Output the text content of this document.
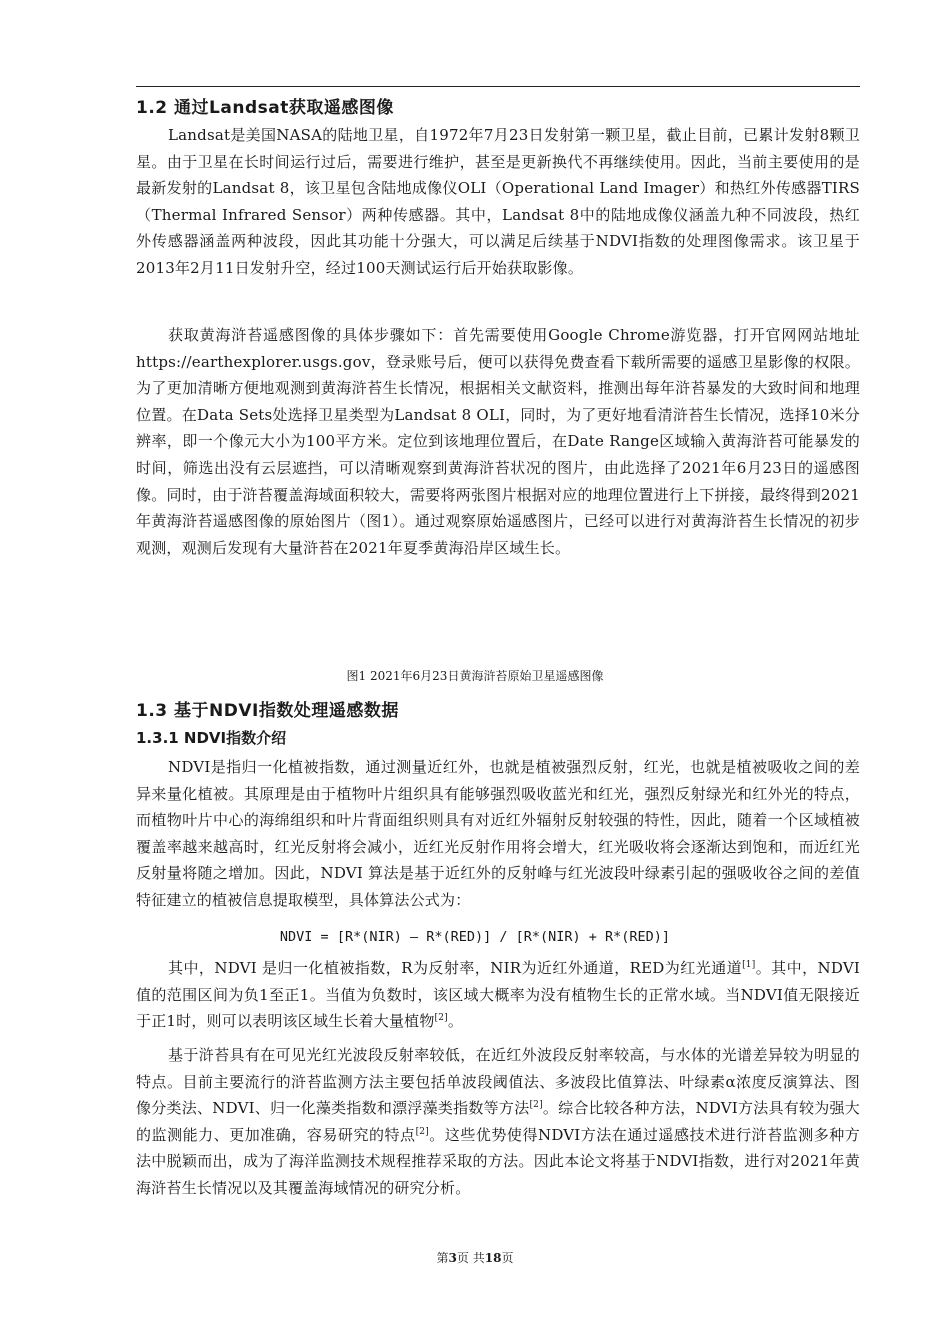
1.2 通过Landsat获取遥感图像

Landsat是美国NASA的陆地卫星，自1972年7月23日发射第一颗卫星，截止目前，已累计发射8颗卫星。由于卫星在长时间运行过后，需要进行维护，甚至是更新换代不再继续使用。因此，当前主要使用的是最新发射的Landsat 8，该卫星包含陆地成像仪OLI（Operational Land Imager）和热红外传感器TIRS（Thermal Infrared Sensor）两种传感器。其中，Landsat 8中的陆地成像仪涵盖九种不同波段，热红外传感器涵盖两种波段，因此其功能十分强大，可以满足后续基于NDVI指数的处理图像需求。该卫星于2013年2月11日发射升空，经过100天测试运行后开始获取影像。

获取黄海浒苔遥感图像的具体步骤如下：首先需要使用Google Chrome游览器，打开官网网站地址https://earthexplorer.usgs.gov，登录账号后，便可以获得免费查看下载所需要的遥感卫星影像的权限。为了更加清晰方便地观测到黄海浒苔生长情况，根据相关文献资料，推测出每年浒苔暴发的大致时间和地理位置。在Data Sets处选择卫星类型为Landsat 8 OLI，同时，为了更好地看清浒苔生长情况，选择10米分辨率，即一个像元大小为100平方米。定位到该地理位置后，在Date Range区域输入黄海浒苔可能暴发的时间，筛选出没有云层遮挡，可以清晰观察到黄海浒苔状况的图片，由此选择了2021年6月23日的遥感图像。同时，由于浒苔覆盖海域面积较大，需要将两张图片根据对应的地理位置进行上下拼接，最终得到2021年黄海浒苔遥感图像的原始图片（图1）。通过观察原始遥感图片，已经可以进行对黄海浒苔生长情况的初步观测，观测后发现有大量浒苔在2021年夏季黄海沿岸区域生长。

图1 2021年6月23日黄海浒苔原始卫星遥感图像

1.3 基于NDVI指数处理遥感数据
1.3.1 NDVI指数介绍

NDVI是指归一化植被指数，通过测量近红外，也就是植被强烈反射，红光，也就是植被吸收之间的差异来量化植被。其原理是由于植物叶片组织具有能够强烈吸收蓝光和红光，强烈反射绿光和红外光的特点，而植物叶片中心的海绵组织和叶片背面组织则具有对近红外辐射反射较强的特性，因此，随着一个区域植被覆盖率越来越高时，红光反射将会减小，近红光反射作用将会增大，红光吸收将会逐渐达到饱和，而近红光反射量将随之增加。因此，NDVI 算法是基于近红外的反射峰与红光波段叶绿素引起的强吸收谷之间的差值特征建立的植被信息提取模型，具体算法公式为：

NDVI = [R*(NIR) – R*(RED)] / [R*(NIR) + R*(RED)]

其中，NDVI 是归一化植被指数，R为反射率，NIR为近红外通道，RED为红光通道[1]。其中，NDVI值的范围区间为负1至正1。当值为负数时，该区域大概率为没有植物生长的正常水域。当NDVI值无限接近于正1时，则可以表明该区域生长着大量植物[2]。

基于浒苔具有在可见光红光波段反射率较低，在近红外波段反射率较高，与水体的光谱差异较为明显的特点。目前主要流行的浒苔监测方法主要包括单波段阈值法、多波段比值算法、叶绿素α浓度反演算法、图像分类法、NDVI、归一化藻类指数和漂浮藻类指数等方法[2]。综合比较各种方法，NDVI方法具有较为强大的监测能力、更加准确，容易研究的特点[2]。这些优势使得NDVI方法在通过遥感技术进行浒苔监测多种方法中脱颖而出，成为了海洋监测技术规程推荐采取的方法。因此本论文将基于NDVI指数，进行对2021年黄海浒苔生长情况以及其覆盖海域情况的研究分析。

第3页 共18页
